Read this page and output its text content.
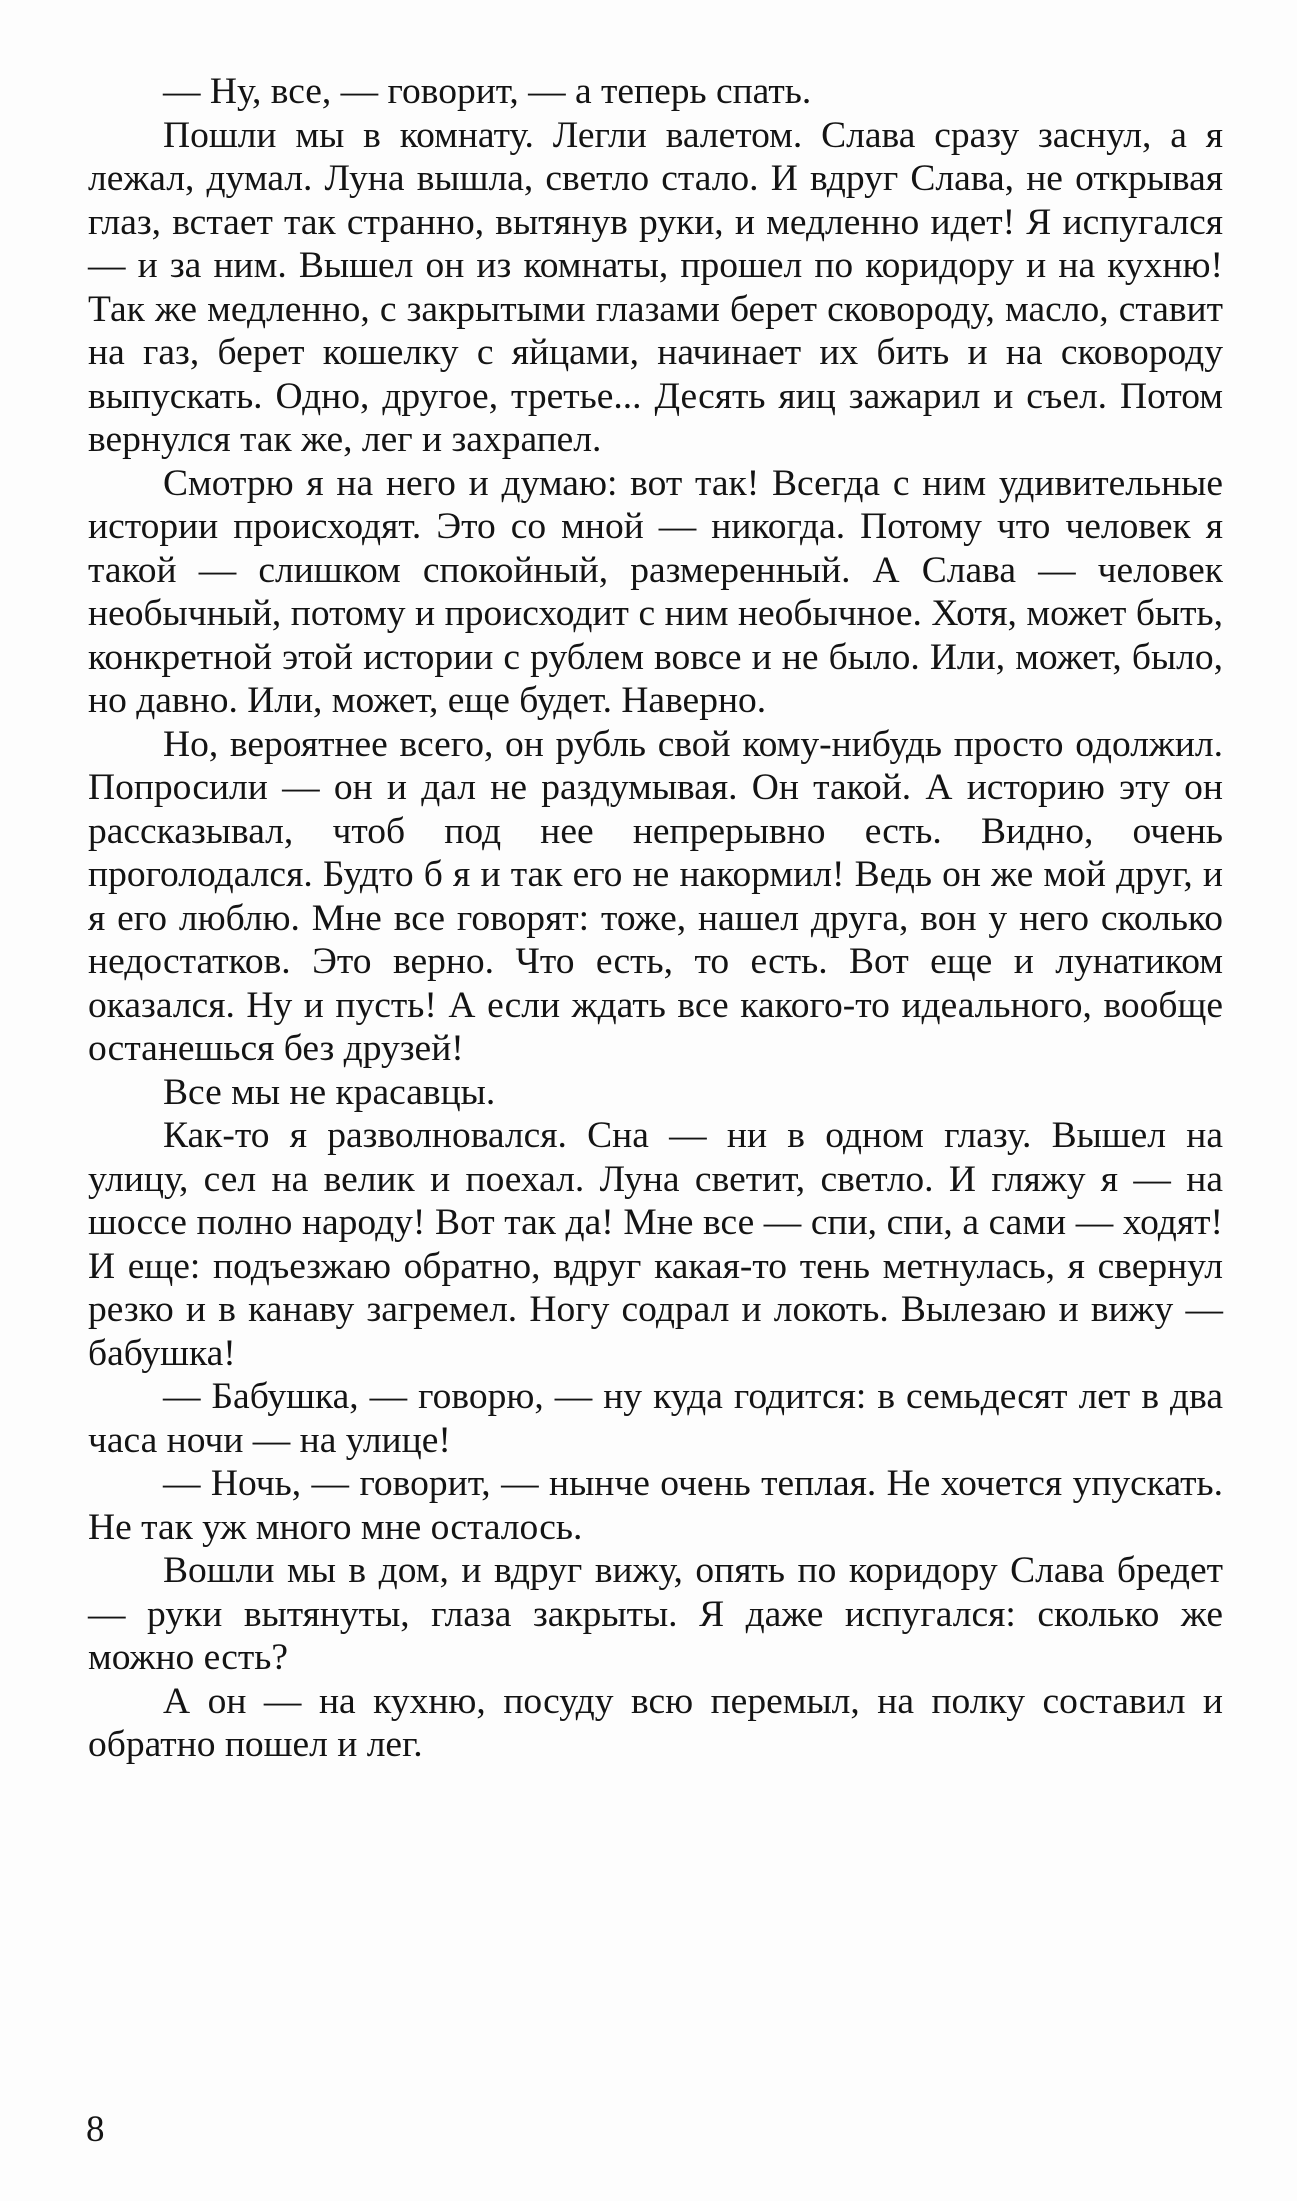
— Ну, все, — говорит, — а теперь спать.

Пошли мы в комнату. Легли валетом. Слава сразу заснул, а я лежал, думал. Луна вышла, светло стало. И вдруг Слава, не открывая глаз, встает так странно, вытянув руки, и медленно идет! Я испугался — и за ним. Вышел он из комнаты, прошел по коридору и на кухню! Так же медленно, с закрытыми глазами берет сковороду, масло, ставит на газ, берет кошелку с яйцами, начинает их бить и на сковороду выпускать. Одно, другое, третье... Десять яиц зажарил и съел. Потом вернулся так же, лег и захрапел.

Смотрю я на него и думаю: вот так! Всегда с ним удивительные истории происходят. Это со мной — никогда. Потому что человек я такой — слишком спокойный, размеренный. А Слава — человек необычный, потому и происходит с ним необычное. Хотя, может быть, конкретной этой истории с рублем вовсе и не было. Или, может, было, но давно. Или, может, еще будет. Наверно.

Но, вероятнее всего, он рубль свой кому-нибудь просто одолжил. Попросили — он и дал не раздумывая. Он такой. А историю эту он рассказывал, чтоб под нее непрерывно есть. Видно, очень проголодался. Будто б я и так его не накормил! Ведь он же мой друг, и я его люблю. Мне все говорят: тоже, нашел друга, вон у него сколько недостатков. Это верно. Что есть, то есть. Вот еще и лунатиком оказался. Ну и пусть! А если ждать все какого-то идеального, вообще останешься без друзей!

Все мы не красавцы.

Как-то я разволновался. Сна — ни в одном глазу. Вышел на улицу, сел на велик и поехал. Луна светит, светло. И гляжу я — на шоссе полно народу! Вот так да! Мне все — спи, спи, а сами — ходят! И еще: подъезжаю обратно, вдруг какая-то тень метнулась, я свернул резко и в канаву загремел. Ногу содрал и локоть. Вылезаю и вижу — бабушка!

— Бабушка, — говорю, — ну куда годится: в семьдесят лет в два часа ночи — на улице!

— Ночь, — говорит, — нынче очень теплая. Не хочется упускать. Не так уж много мне осталось.

Вошли мы в дом, и вдруг вижу, опять по коридору Слава бредет — руки вытянуты, глаза закрыты. Я даже испугался: сколько же можно есть?

А он — на кухню, посуду всю перемыл, на полку составил и обратно пошел и лег.

8
